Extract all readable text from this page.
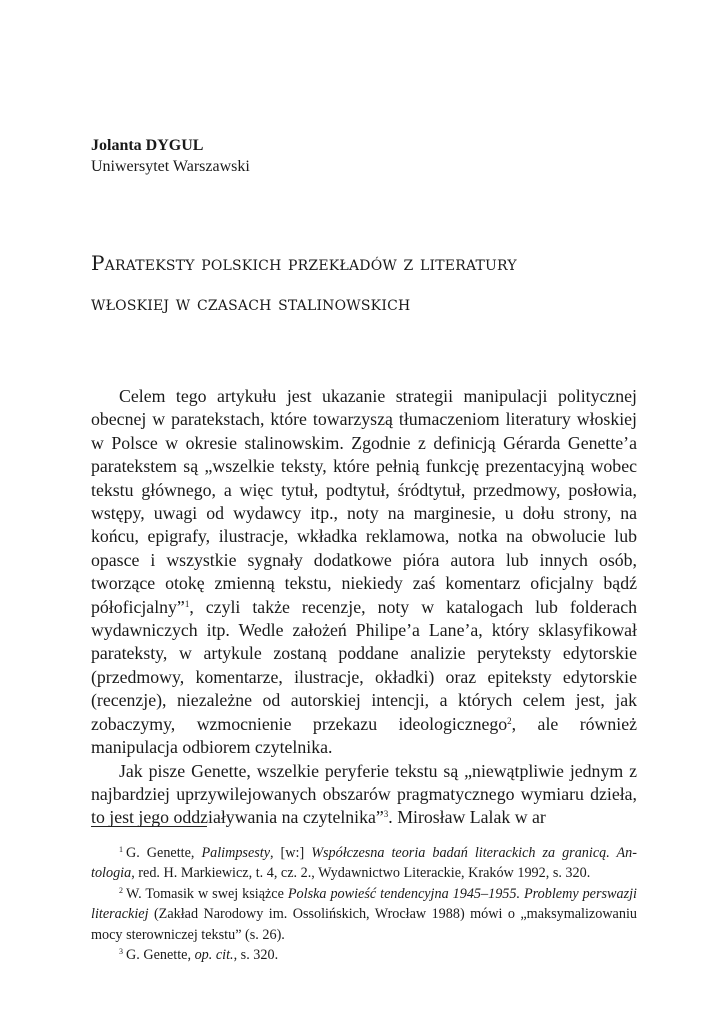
Jolanta DYGUL
Uniwersytet Warszawski
Parateksty polskich przekładów z literatury
włoskiej w czasach stalinowskich

Celem tego artykułu jest ukazanie strategii manipulacji politycznej obecnej w paratekstach, które towarzyszą tłumaczeniom literatury włoskiej w Polsce w okresie stalinowskim. Zgodnie z definicją Gérarda Genette’a paratekstem są „wszelkie teksty, które pełnią funkcję prezentacyjną wobec tekstu głównego, a więc tytuł, podtytuł, śródtytuł, przedmowy, posłowia, wstępy, uwagi od wydawcy itp., noty na marginesie, u dołu strony, na końcu, epigrafy, ilustracje, wkładka reklamowa, notka na obwolucie lub opasce i wszystkie sygnały dodatkowe pióra autora lub innych osób, tworzące otokę zmienną tekstu, niekiedy zaś komentarz oficjalny bądź półoficjalny”$^1$, czyli także recenzje, noty w katalogach lub folderach wydawniczych itp. Wedle założeń Philipe’a Lane’a, który sklasyfikował parateksty, w artykule zostaną poddane analizie peryteksty edytorskie (przedmowy, komentarze, ilustracje, okładki) oraz epiteksty edytorskie (recenzje), niezależne od autorskiej intencji, a których celem jest, jak zobaczymy, wzmocnienie przekazu ideologicznego$^2$, ale również manipulacja odbiorem czytelnika.

Jak pisze Genette, wszelkie peryferie tekstu są „niewątpliwie jednym z najbardziej uprzywilejowanych obszarów pragmatycznego wymiaru dzieła, to jest jego oddziaływania na czytelnika”$^3$. Mirosław Lalak w ar

$^1$ G. Genette, Palimpsesty, [w:] Współczesna teoria badań literackich za granicą. Antologia, red. H. Markiewicz, t. 4, cz. 2., Wydawnictwo Literackie, Kraków 1992, s. 320.

$^2$ W. Tomasik w swej książce Polska powieść tendencyjna 1945–1955. Problemy perswazji literackiej (Zakład Narodowy im. Ossolińskich, Wrocław 1988) mówi o „maksymalizowaniu mocy sterowniczej tekstu” (s. 26).

$^3$ G. Genette, op. cit., s. 320.
